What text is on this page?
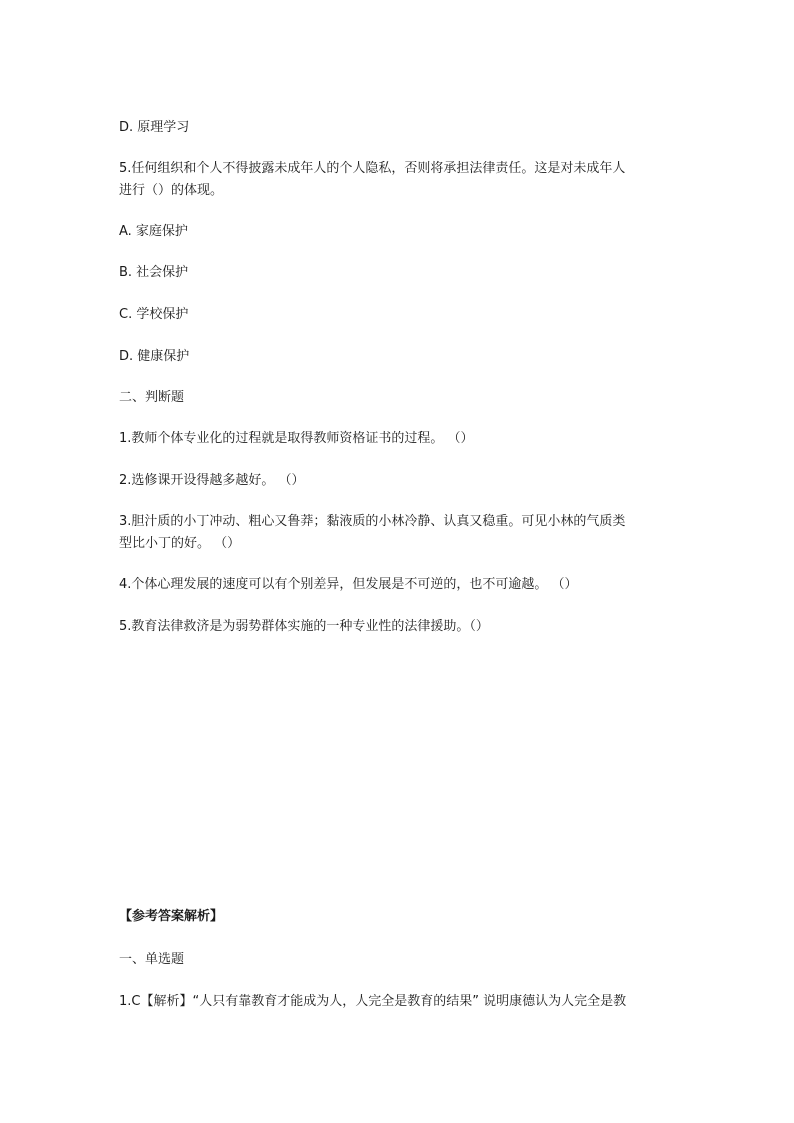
D. 原理学习

5.任何组织和个人不得披露未成年人的个人隐私，否则将承担法律责任。这是对未成年人

进行（）的体现。

A. 家庭保护

B. 社会保护

C. 学校保护

D. 健康保护

二、判断题

1.教师个体专业化的过程就是取得教师资格证书的过程。 （）

2.选修课开设得越多越好。 （）

3.胆汁质的小丁冲动、粗心又鲁莽；黏液质的小林冷静、认真又稳重。可见小林的气质类

型比小丁的好。 （）

4.个体心理发展的速度可以有个别差异，但发展是不可逆的，也不可逾越。 （）

5.教育法律救济是为弱势群体实施的一种专业性的法律援助。（）

【参考答案解析】

一、单选题

1.C【解析】“人只有靠教育才能成为人，人完全是教育的结果” 说明康德认为人完全是教
